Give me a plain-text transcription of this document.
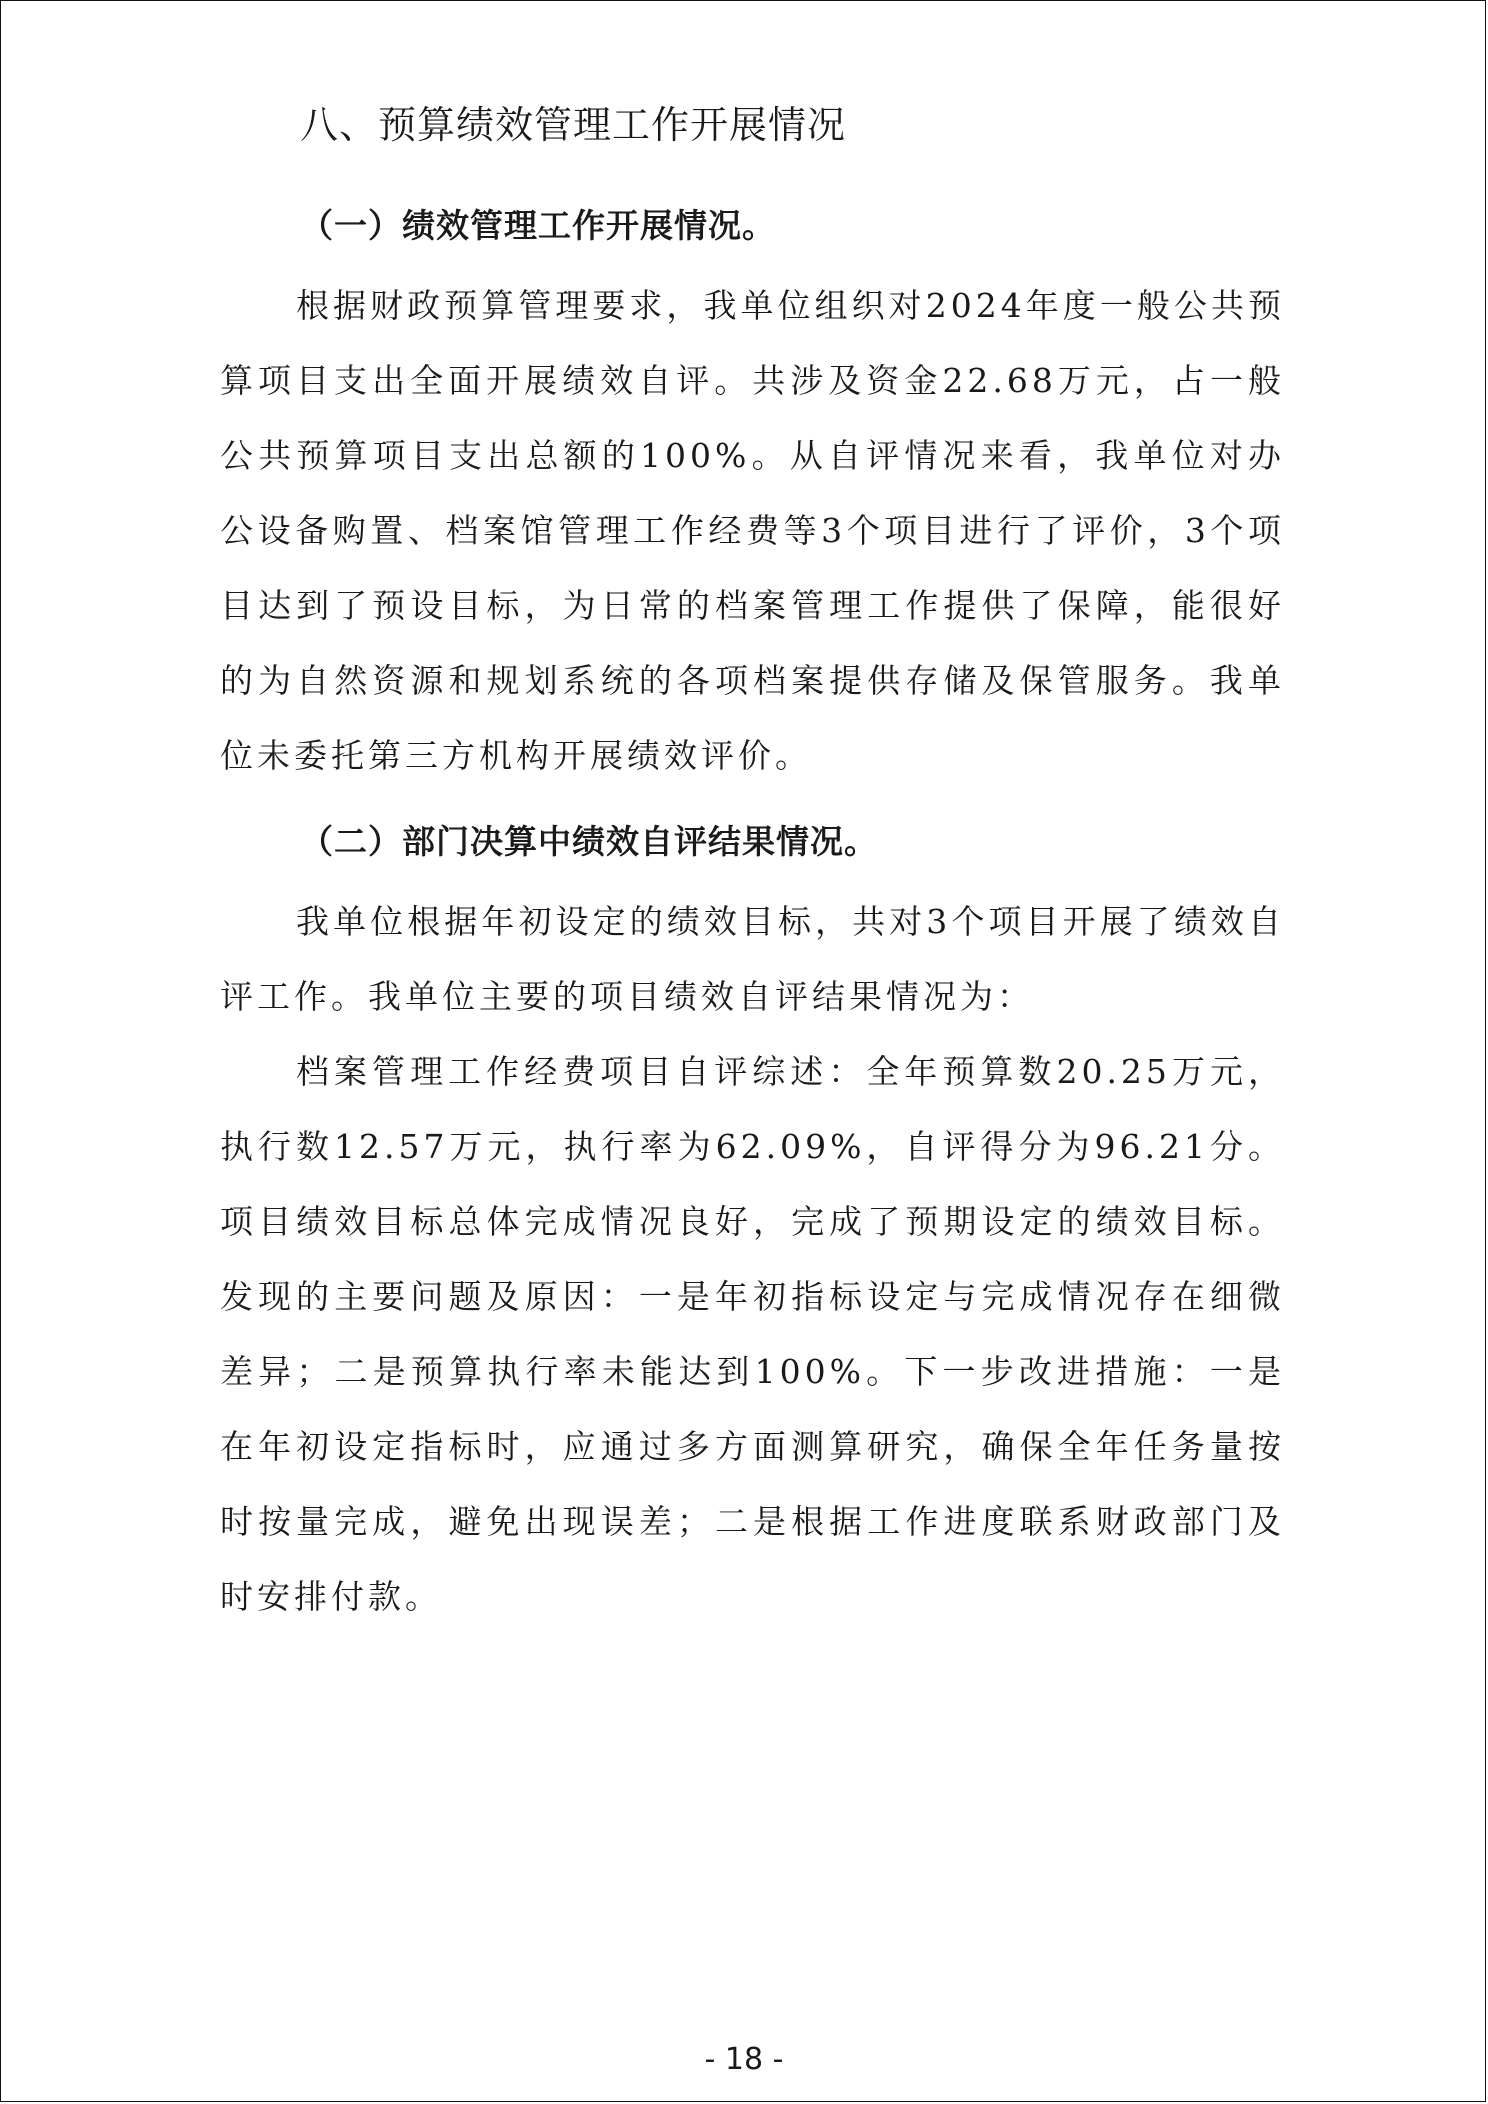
八、预算绩效管理工作开展情况
（一）绩效管理工作开展情况。

根据财政预算管理要求，我单位组织对2024年度一般公共预算项目支出全面开展绩效自评。共涉及资金22.68万元，占一般公共预算项目支出总额的100%。从自评情况来看，我单位对办公设备购置、档案馆管理工作经费等3个项目进行了评价，3个项目达到了预设目标，为日常的档案管理工作提供了保障，能很好的为自然资源和规划系统的各项档案提供存储及保管服务。我单位未委托第三方机构开展绩效评价。

（二）部门决算中绩效自评结果情况。

我单位根据年初设定的绩效目标，共对3个项目开展了绩效自评工作。我单位主要的项目绩效自评结果情况为：

档案管理工作经费项目自评综述：全年预算数20.25万元，执行数12.57万元，执行率为62.09%，自评得分为96.21分。项目绩效目标总体完成情况良好，完成了预期设定的绩效目标。发现的主要问题及原因：一是年初指标设定与完成情况存在细微差异；二是预算执行率未能达到100%。下一步改进措施：一是在年初设定指标时，应通过多方面测算研究，确保全年任务量按时按量完成，避免出现误差；二是根据工作进度联系财政部门及时安排付款。

- 18 -
